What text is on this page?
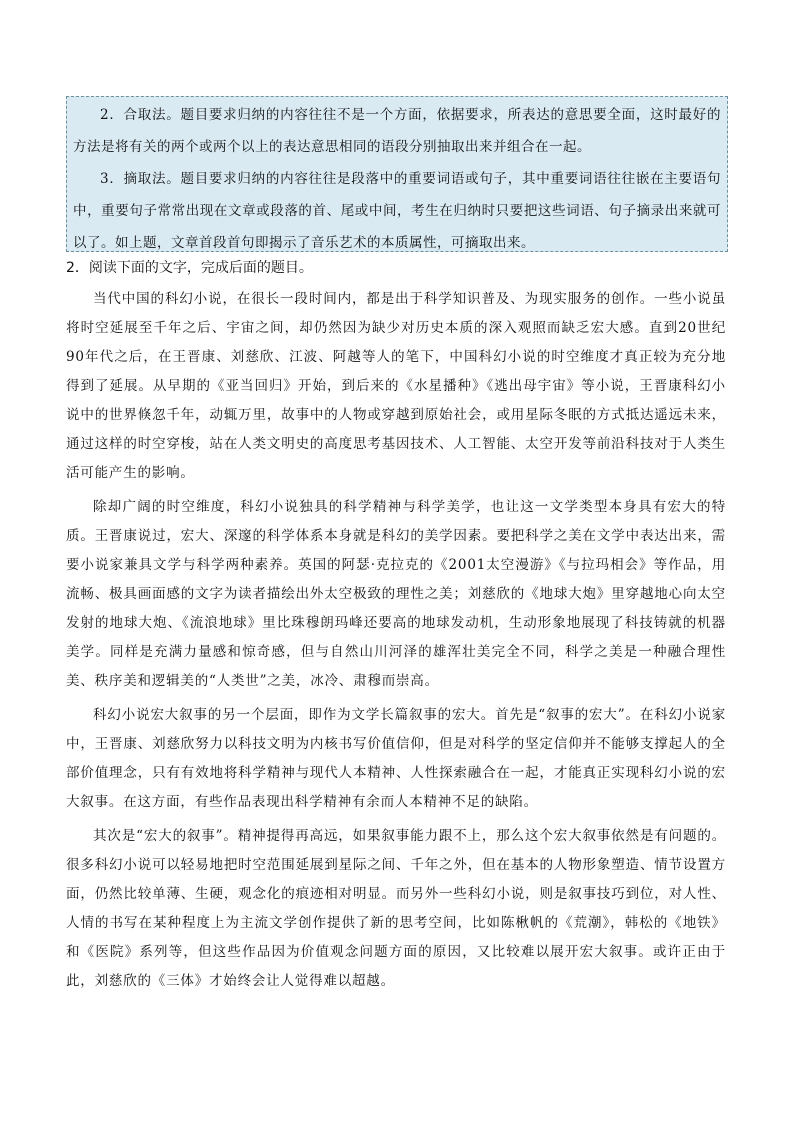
2．合取法。题目要求归纳的内容往往不是一个方面，依据要求，所表达的意思要全面，这时最好的方法是将有关的两个或两个以上的表达意思相同的语段分别抽取出来并组合在一起。

3．摘取法。题目要求归纳的内容往往是段落中的重要词语或句子，其中重要词语往往嵌在主要语句中，重要句子常常出现在文章或段落的首、尾或中间，考生在归纳时只要把这些词语、句子摘录出来就可以了。如上题，文章首段首句即揭示了音乐艺术的本质属性，可摘取出来。

2．阅读下面的文字，完成后面的题目。

当代中国的科幻小说，在很长一段时间内，都是出于科学知识普及、为现实服务的创作。一些小说虽将时空延展至千年之后、宇宙之间，却仍然因为缺少对历史本质的深入观照而缺乏宏大感。直到20世纪90年代之后，在王晋康、刘慈欣、江波、阿越等人的笔下，中国科幻小说的时空维度才真正较为充分地得到了延展。从早期的《亚当回归》开始，到后来的《水星播种》《逃出母宇宙》等小说，王晋康科幻小说中的世界倏忽千年，动辄万里，故事中的人物或穿越到原始社会，或用星际冬眠的方式抵达遥远未来，通过这样的时空穿梭，站在人类文明史的高度思考基因技术、人工智能、太空开发等前沿科技对于人类生活可能产生的影响。

除却广阔的时空维度，科幻小说独具的科学精神与科学美学，也让这一文学类型本身具有宏大的特质。王晋康说过，宏大、深邃的科学体系本身就是科幻的美学因素。要把科学之美在文学中表达出来，需要小说家兼具文学与科学两种素养。英国的阿瑟·克拉克的《2001太空漫游》《与拉玛相会》等作品，用流畅、极具画面感的文字为读者描绘出外太空极致的理性之美；刘慈欣的《地球大炮》里穿越地心向太空发射的地球大炮、《流浪地球》里比珠穆朗玛峰还要高的地球发动机，生动形象地展现了科技铸就的机器美学。同样是充满力量感和惊奇感，但与自然山川河泽的雄浑壮美完全不同，科学之美是一种融合理性美、秩序美和逻辑美的“人类世”之美，冰冷、肃穆而崇高。

科幻小说宏大叙事的另一个层面，即作为文学长篇叙事的宏大。首先是“叙事的宏大”。在科幻小说家中，王晋康、刘慈欣努力以科技文明为内核书写价值信仰，但是对科学的坚定信仰并不能够支撑起人的全部价值理念，只有有效地将科学精神与现代人本精神、人性探索融合在一起，才能真正实现科幻小说的宏大叙事。在这方面，有些作品表现出科学精神有余而人本精神不足的缺陷。

其次是“宏大的叙事”。精神提得再高远，如果叙事能力跟不上，那么这个宏大叙事依然是有问题的。很多科幻小说可以轻易地把时空范围延展到星际之间、千年之外，但在基本的人物形象塑造、情节设置方面，仍然比较单薄、生硬，观念化的痕迹相对明显。而另外一些科幻小说，则是叙事技巧到位，对人性、人情的书写在某种程度上为主流文学创作提供了新的思考空间，比如陈楸帆的《荒潮》，韩松的《地铁》和《医院》系列等，但这些作品因为价值观念问题方面的原因，又比较难以展开宏大叙事。或许正由于此，刘慈欣的《三体》才始终会让人觉得难以超越。
